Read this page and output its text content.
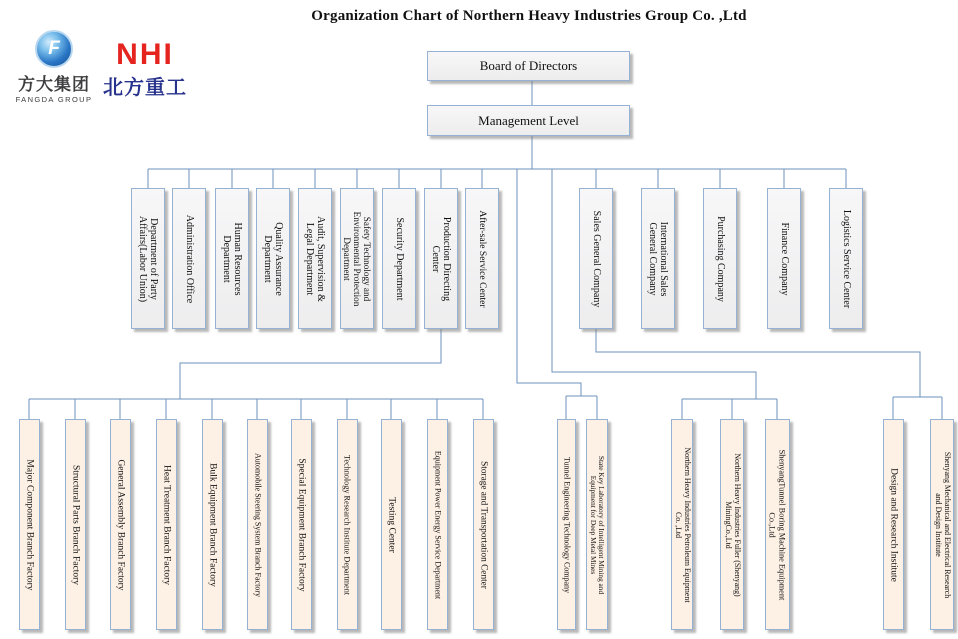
Organization Chart of Northern Heavy Industries Group Co. ,Ltd
F
方大集团
FANGDA GROUP
NHI
北方重工
Board of Directors
Management Level
Department of Party
Affairs(Labor Union)	Administration Office	Human Resources
Department	Quality Assurance
Department	Audit, Supervision &
Legal Department	Safety Technology and
Environmental Protection
Department	Security Department	Production Directing
Center	After-sale Service Center	Sales General Company	International Sales
General Company	Purchasing Company	Finance Company	Logistics Service Center
Major Component Branch Factory	Structural Parts Branch Factory	General Assembly Branch Factory	Heat Treatment Branch Factory	Bulk Equipment Branch Factory	Automobile Steering System Branch Factory	Special Equipment Branch Factory	Technology Research Institute Department	Testing Center	Equipment Power Energy Service Department	Storage and Transportation Center	Tunnel Engineering Technology Company	State Key Laboratory of Intelligent Mining and
Equipment for Deep Metal Mines	Northern Heavy Industries Petroleum Equipment
Co. ,Ltd	Northern Heavy Industries Fuller (Shenyang)
MiningCo.,Ltd	ShenyangTunnel Boring Machine Equipment
Co.,Ltd	Design and Research Institute	Shenyang Mechanical and Electrical Research
and Design Institute
